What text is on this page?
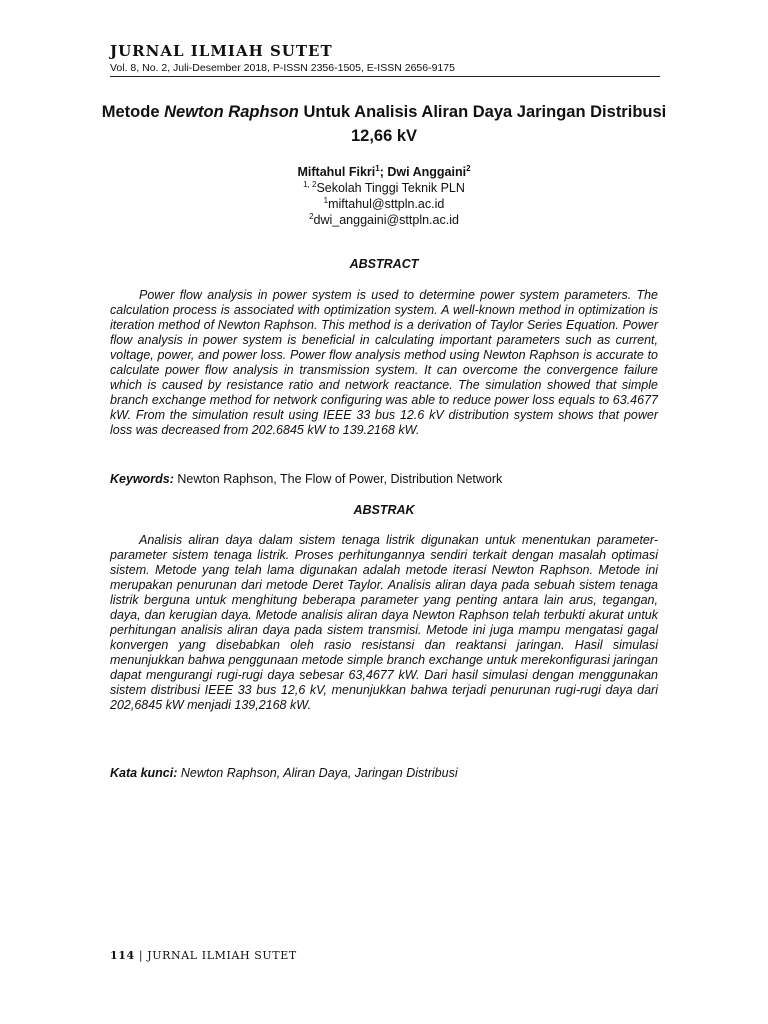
JURNAL ILMIAH SUTET

Vol. 8, No. 2, Juli-Desember 2018, P-ISSN 2356-1505, E-ISSN 2656-9175

Metode Newton Raphson Untuk Analisis Aliran Daya Jaringan Distribusi 12,66 kV
Miftahul Fikri$^1$; Dwi Anggaini$^2$
$^{1, 2}$Sekolah Tinggi Teknik PLN
$^1$miftahul@sttpln.ac.id
$^2$dwi_anggaini@sttpln.ac.id
ABSTRACT

Power flow analysis in power system is used to determine power system parameters. The calculation process is associated with optimization system. A well-known method in optimization is iteration method of Newton Raphson. This method is a derivation of Taylor Series Equation. Power flow analysis in power system is beneficial in calculating important parameters such as current, voltage, power, and power loss. Power flow analysis method using Newton Raphson is accurate to calculate power flow analysis in transmission system. It can overcome the convergence failure which is caused by resistance ratio and network reactance. The simulation showed that simple branch exchange method for network configuring was able to reduce power loss equals to 63.4677 kW. From the simulation result using IEEE 33 bus 12.6 kV distribution system shows that power loss was decreased from 202.6845 kW to 139.2168 kW.

Keywords: Newton Raphson, The Flow of Power, Distribution Network

ABSTRAK

Analisis aliran daya dalam sistem tenaga listrik digunakan untuk menentukan parameter-parameter sistem tenaga listrik. Proses perhitungannya sendiri terkait dengan masalah optimasi sistem. Metode yang telah lama digunakan adalah metode iterasi Newton Raphson. Metode ini merupakan penurunan dari metode Deret Taylor. Analisis aliran daya pada sebuah sistem tenaga listrik berguna untuk menghitung beberapa parameter yang penting antara lain arus, tegangan, daya, dan kerugian daya. Metode analisis aliran daya Newton Raphson telah terbukti akurat untuk perhitungan analisis aliran daya pada sistem transmisi. Metode ini juga mampu mengatasi gagal konvergen yang disebabkan oleh rasio resistansi dan reaktansi jaringan. Hasil simulasi menunjukkan bahwa penggunaan metode simple branch exchange untuk merekonfigurasi jaringan dapat mengurangi rugi-rugi daya sebesar 63,4677 kW. Dari hasil simulasi dengan menggunakan sistem distribusi IEEE 33 bus 12,6 kV, menunjukkan bahwa terjadi penurunan rugi-rugi daya dari 202,6845 kW menjadi 139,2168 kW.

Kata kunci: Newton Raphson, Aliran Daya, Jaringan Distribusi

114 | JURNAL ILMIAH SUTET
